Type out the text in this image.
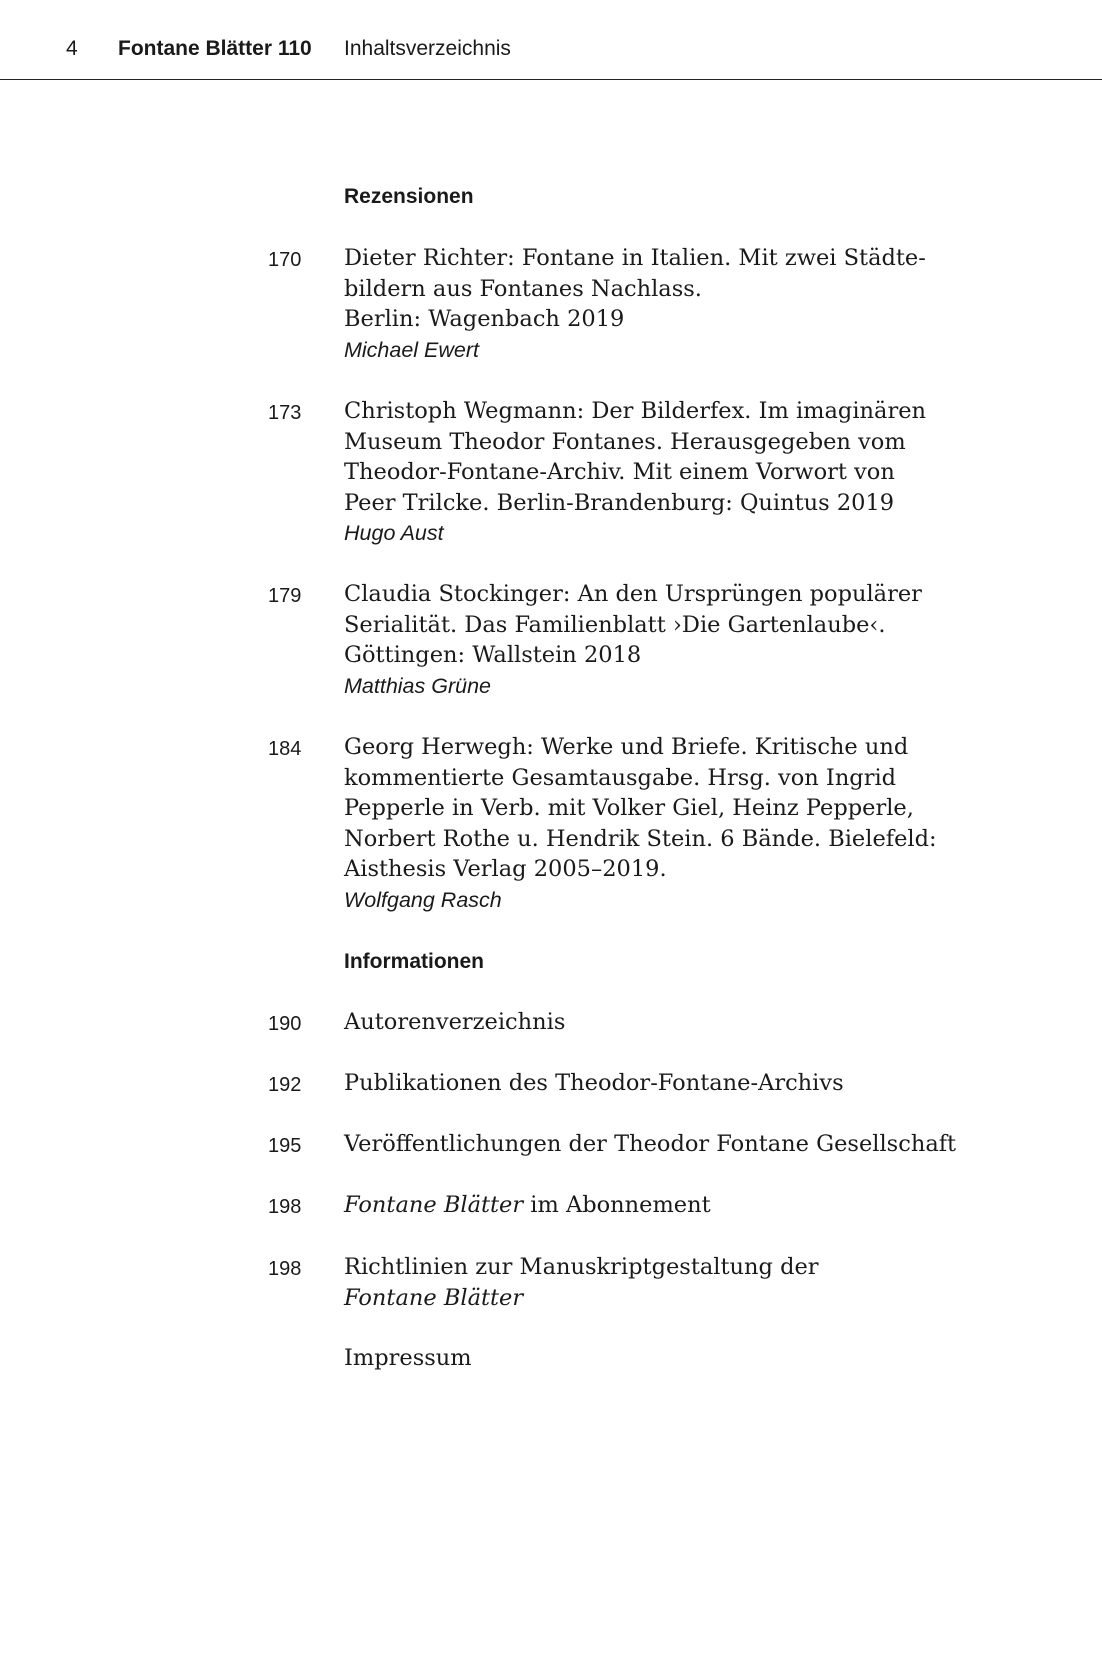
4 Fontane Blätter 110 Inhaltsverzeichnis
Rezensionen
170 Dieter Richter: Fontane in Italien. Mit zwei Städte-
bildern aus Fontanes Nachlass.
Berlin: Wagenbach 2019
Michael Ewert
173 Christoph Wegmann: Der Bilderfex. Im imaginären
Museum Theodor Fontanes. Herausgegeben vom
Theodor-Fontane-Archiv. Mit einem Vorwort von
Peer Trilcke. Berlin-Brandenburg: Quintus 2019
Hugo Aust
179 Claudia Stockinger: An den Ursprüngen populärer
Serialität. Das Familienblatt ›Die Gartenlaube‹.
Göttingen: Wallstein 2018
Matthias Grüne
184 Georg Herwegh: Werke und Briefe. Kritische und
kommentierte Gesamtausgabe. Hrsg. von Ingrid
Pepperle in Verb. mit Volker Giel, Heinz Pepperle,
Norbert Rothe u. Hendrik Stein. 6 Bände. Bielefeld:
Aisthesis Verlag 2005–2019.
Wolfgang Rasch
Informationen
190 Autorenverzeichnis
192 Publikationen des Theodor-Fontane-Archivs
195 Veröffentlichungen der Theodor Fontane Gesellschaft
198 Fontane Blätter im Abonnement
198 Richtlinien zur Manuskriptgestaltung der
Fontane Blätter
Impressum
